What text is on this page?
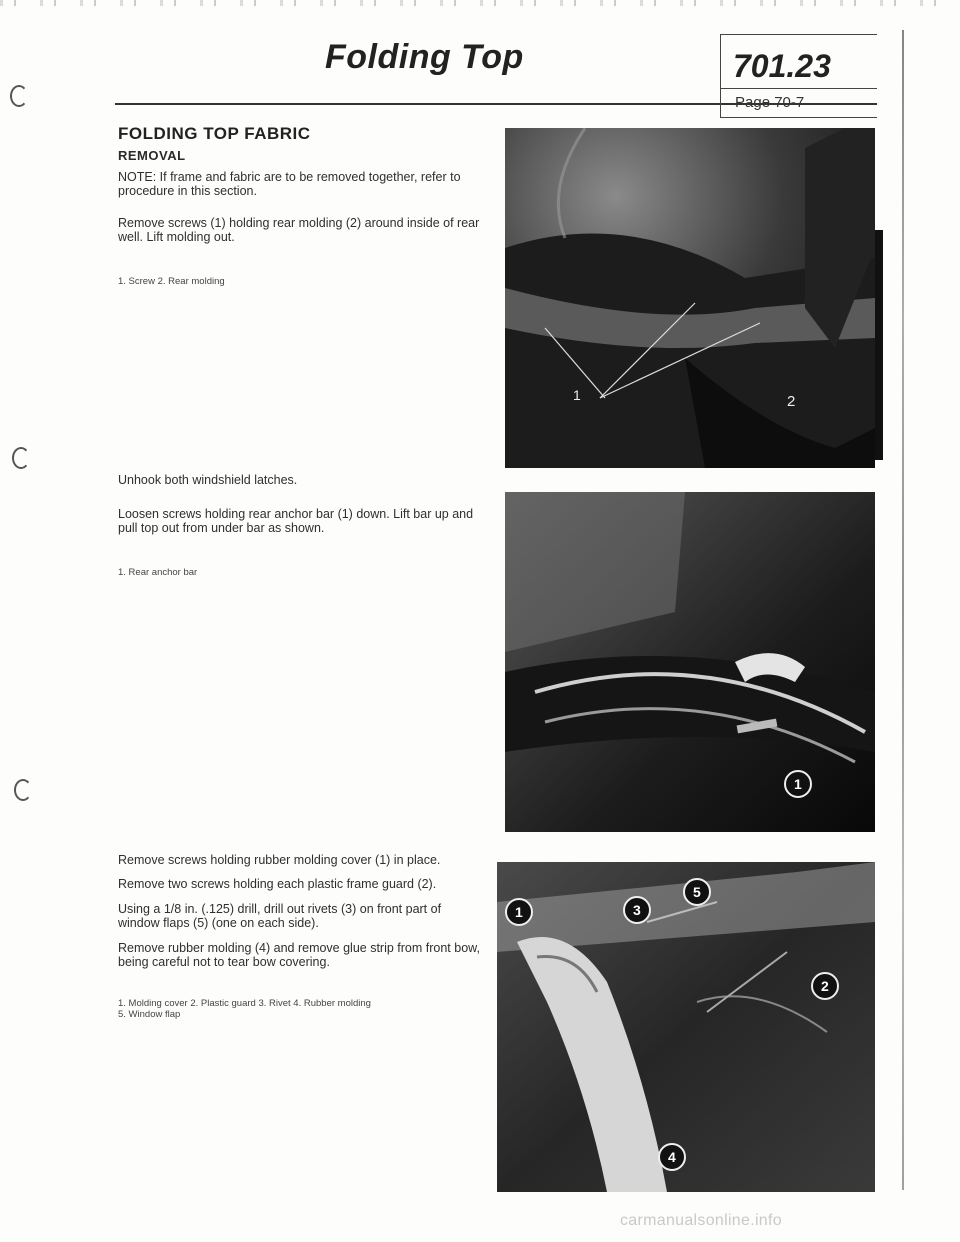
Folding Top	701.23
Page 70-7
FOLDING TOP FABRIC
REMOVAL
NOTE: If frame and fabric are to be removed together, refer to procedure in this section.
Remove screws (1) holding rear molding (2) around inside of rear well. Lift molding out.
1. Screw 2. Rear molding
1	2
Unhook both windshield latches.
Loosen screws holding rear anchor bar (1) down. Lift bar up and pull top out from under bar as shown.
1. Rear anchor bar
1
Remove screws holding rubber molding cover (1) in place.
Remove two screws holding each plastic frame guard (2).
Using a 1/8 in. (.125) drill, drill out rivets (3) on front part of window flaps (5) (one on each side).
Remove rubber molding (4) and remove glue strip from front bow, being careful not to tear bow covering.
1. Molding cover 2. Plastic guard 3. Rivet 4. Rubber molding
5. Window flap
1
2
3
4
5
carmanualsonline.info
